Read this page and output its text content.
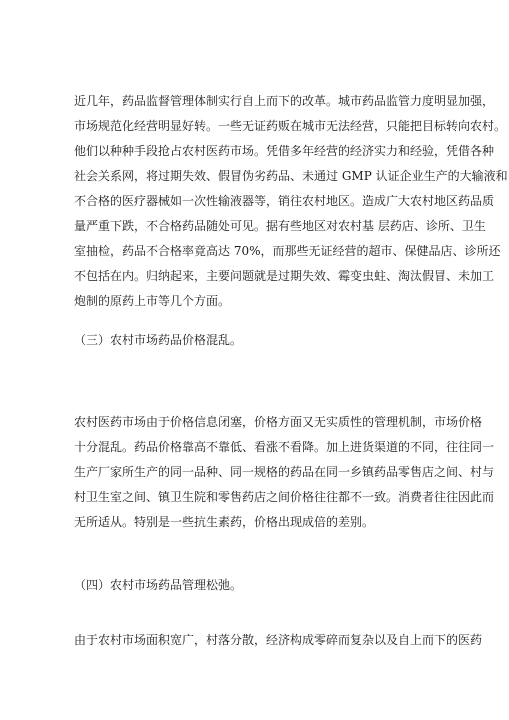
近几年，药品监督管理体制实行自上而下的改革。城市药品监管力度明显加强，
市场规范化经营明显好转。一些无证药贩在城市无法经营，只能把目标转向农村。
他们以种种手段抢占农村医药市场。凭借多年经营的经济实力和经验，凭借各种
社会关系网，将过期失效、假冒伪劣药品、未通过 GMP 认证企业生产的大输液和
不合格的医疗器械如一次性输液器等，销往农村地区。造成广大农村地区药品质
量严重下跌，不合格药品随处可见。据有些地区对农村基 层药店、诊所、卫生
室抽检，药品不合格率竟高达 70%，而那些无证经营的超市、保健品店、诊所还
不包括在内。归纳起来，主要问题就是过期失效、霉变虫蛀、淘汰假冒、未加工
炮制的原药上市等几个方面。
（三）农村市场药品价格混乱。
农村医药市场由于价格信息闭塞，价格方面又无实质性的管理机制，市场价格
十分混乱。药品价格靠高不靠低、看涨不看降。加上进货渠道的不同，往往同一
生产厂家所生产的同一品种、同一规格的药品在同一乡镇药品零售店之间、村与
村卫生室之间、镇卫生院和零售药店之间价格往往都不一致。消费者往往因此而
无所适从。特别是一些抗生素药，价格出现成倍的差别。
（四）农村市场药品管理松弛。
由于农村市场面积宽广，村落分散，经济构成零碎而复杂以及自上而下的医药
